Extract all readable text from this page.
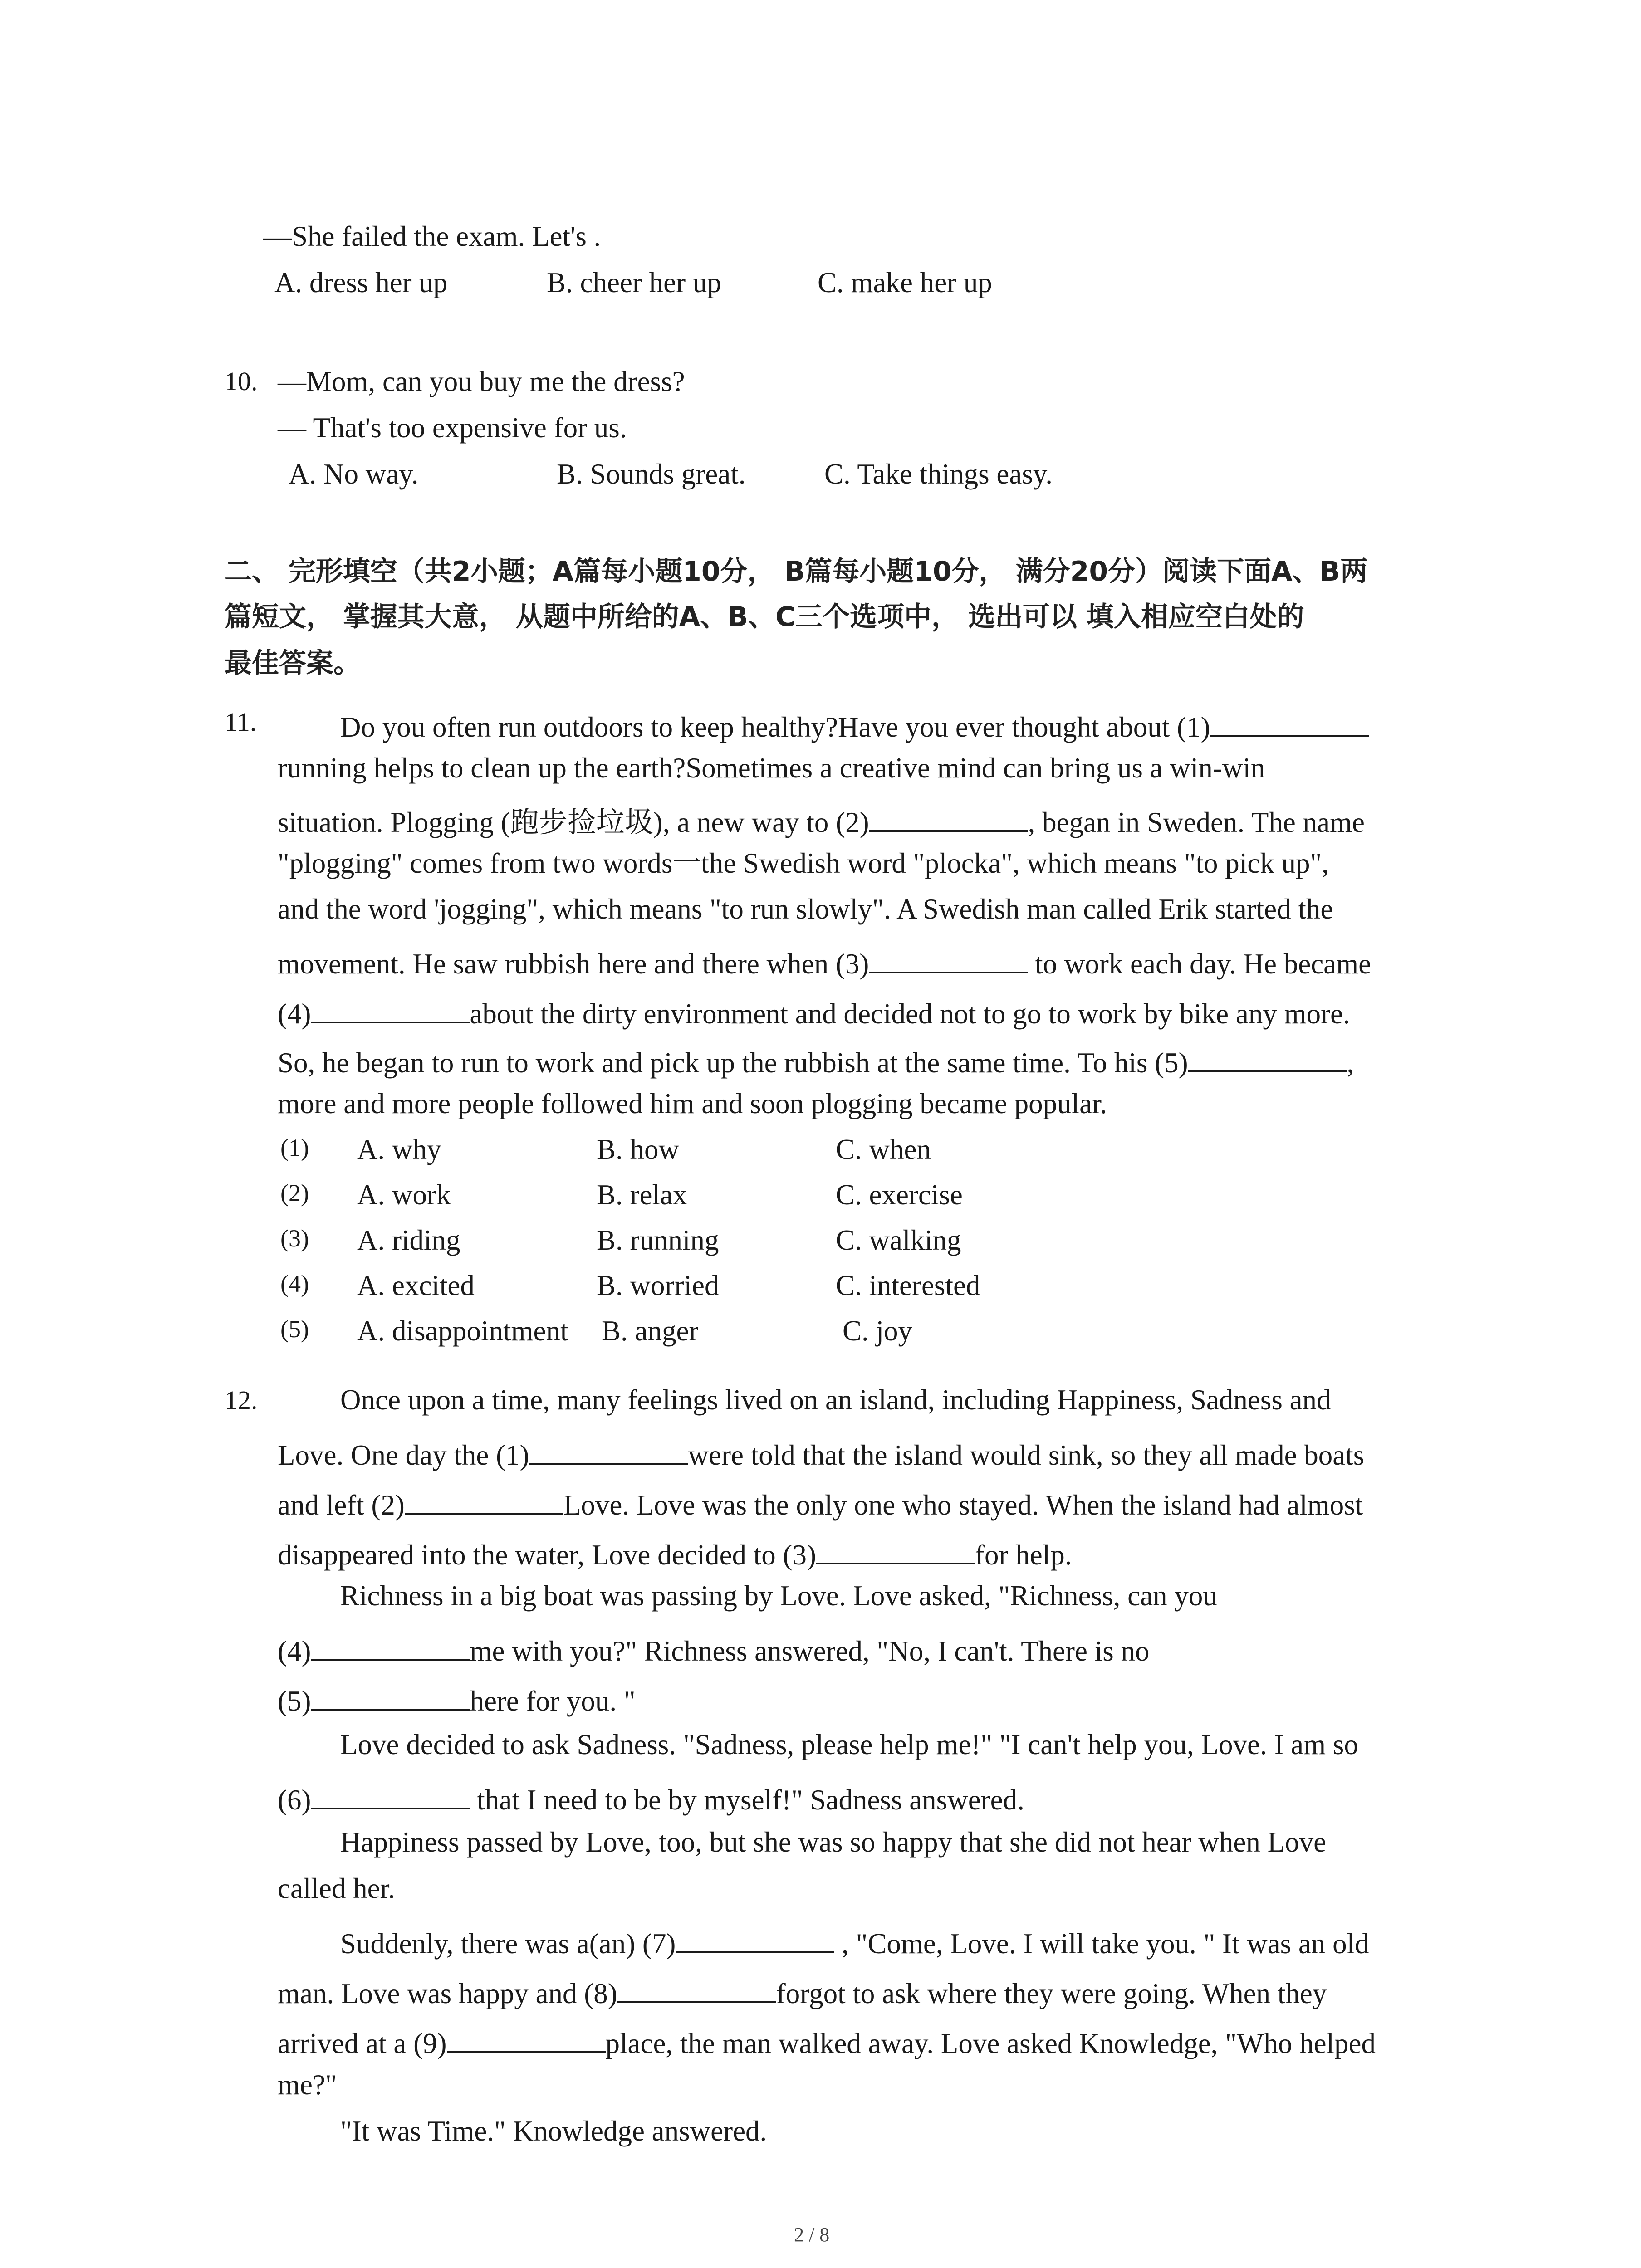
—She failed the exam. Let's .
A. dress her up	B. cheer her up	C. make her up
10. —Mom, can you buy me the dress?
— That's too expensive for us.
A. No way.	B. Sounds great.	C. Take things easy.
二、 完形填空（共2小题；A篇每小题10分， B篇每小题10分， 满分20分）阅读下面A、B两
篇短文， 掌握其大意， 从题中所给的A、B、C三个选项中， 选出可以 填入相应空白处的
最佳答案。
11.	Do you often run outdoors to keep healthy?Have you ever thought about (1)
running helps to clean up the earth?Sometimes a creative mind can bring us a win-win
situation. Plogging (跑步捡垃圾), a new way to (2)	, began in Sweden. The name
"plogging" comes from two words一the Swedish word "plocka", which means "to pick up",
and the word 'jogging", which means "to run slowly". A Swedish man called Erik started the
movement. He saw rubbish here and there when (3)	to work each day. He became
(4)	about the dirty environment and decided not to go to work by bike any more.
So, he began to run to work and pick up the rubbish at the same time. To his (5)	,
more and more people followed him and soon plogging became popular.
(1) A. why	B. how	C. when
(2) A. work	B. relax	C. exercise
(3) A. riding	B. running	C. walking
(4) A. excited	B. worried	C. interested
(5) A. disappointment B. anger	C. joy
12.	Once upon a time, many feelings lived on an island, including Happiness, Sadness and
Love. One day the (1)	were told that the island would sink, so they all made boats
and left (2)	Love. Love was the only one who stayed. When the island had almost
disappeared into the water, Love decided to (3)	for help.
Richness in a big boat was passing by Love. Love asked, "Richness, can you
(4)	me with you?" Richness answered, "No, I can't. There is no
(5)	here for you. "
Love decided to ask Sadness. "Sadness, please help me!" "I can't help you, Love. I am so
(6)	that I need to be by myself!" Sadness answered.
Happiness passed by Love, too, but she was so happy that she did not hear when Love
called her.
Suddenly, there was a(an) (7)	, "Come, Love. I will take you. " It was an old
man. Love was happy and (8)	forgot to ask where they were going. When they
arrived at a (9)	place, the man walked away. Love asked Knowledge, "Who helped
me?"
"It was Time." Knowledge answered.
2 / 8
